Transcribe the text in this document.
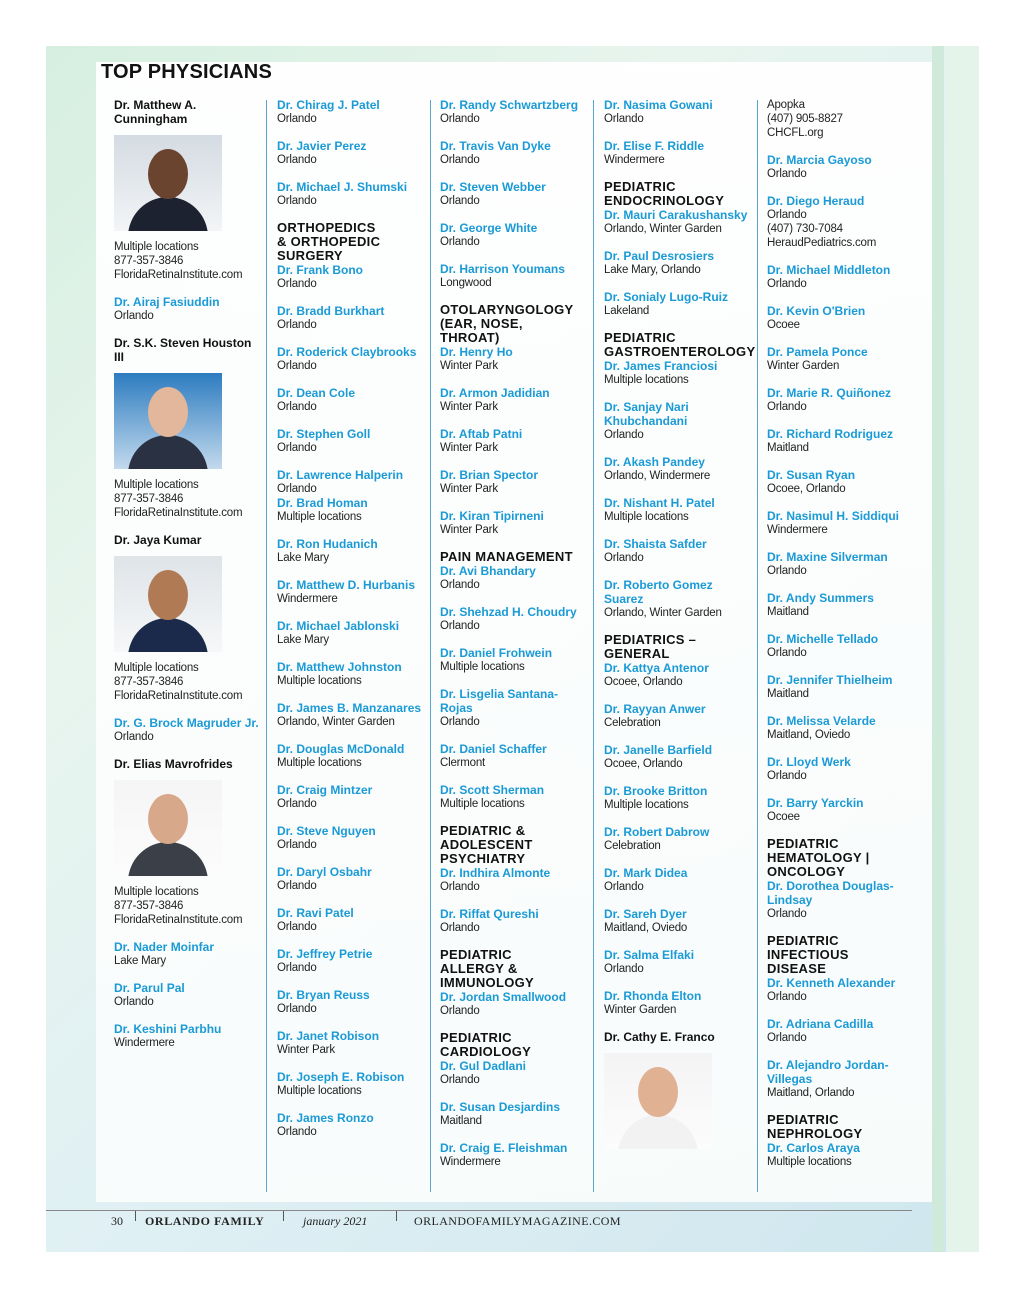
TOP PHYSICIANS
Dr. Matthew A. Cunningham
Multiple locations
877-357-3846
FloridaRetinaInstitute.com
Dr. Airaj Fasiuddin
Orlando
Dr. S.K. Steven Houston III
Multiple locations
877-357-3846
FloridaRetinaInstitute.com
Dr. Jaya Kumar
Multiple locations
877-357-3846
FloridaRetinaInstitute.com
Dr. G. Brock Magruder Jr.
Orlando
Dr. Elias Mavrofrides
Multiple locations
877-357-3846
FloridaRetinaInstitute.com
Dr. Nader Moinfar
Lake Mary
Dr. Parul Pal
Orlando
Dr. Keshini Parbhu
Windermere
Dr. Chirag J. Patel
Orlando
Dr. Javier Perez
Orlando
Dr. Michael J. Shumski
Orlando
ORTHOPEDICS
& ORTHOPEDIC
SURGERY
Dr. Frank Bono
Orlando
Dr. Bradd Burkhart
Orlando
Dr. Roderick Claybrooks
Orlando
Dr. Dean Cole
Orlando
Dr. Stephen Goll
Orlando
Dr. Lawrence Halperin
Orlando
Dr. Brad Homan
Multiple locations
Dr. Ron Hudanich
Lake Mary
Dr. Matthew D. Hurbanis
Windermere
Dr. Michael Jablonski
Lake Mary
Dr. Matthew Johnston
Multiple locations
Dr. James B. Manzanares
Orlando, Winter Garden
Dr. Douglas McDonald
Multiple locations
Dr. Craig Mintzer
Orlando
Dr. Steve Nguyen
Orlando
Dr. Daryl Osbahr
Orlando
Dr. Ravi Patel
Orlando
Dr. Jeffrey Petrie
Orlando
Dr. Bryan Reuss
Orlando
Dr. Janet Robison
Winter Park
Dr. Joseph E. Robison
Multiple locations
Dr. James Ronzo
Orlando
Dr. Randy Schwartzberg
Orlando
Dr. Travis Van Dyke
Orlando
Dr. Steven Webber
Orlando
Dr. George White
Orlando
Dr. Harrison Youmans
Longwood
OTOLARYNGOLOGY
(EAR, NOSE,
THROAT)
Dr. Henry Ho
Winter Park
Dr. Armon Jadidian
Winter Park
Dr. Aftab Patni
Winter Park
Dr. Brian Spector
Winter Park
Dr. Kiran Tipirneni
Winter Park
PAIN MANAGEMENT
Dr. Avi Bhandary
Orlando
Dr. Shehzad H. Choudry
Orlando
Dr. Daniel Frohwein
Multiple locations
Dr. Lisgelia Santana-Rojas
Orlando
Dr. Daniel Schaffer
Clermont
Dr. Scott Sherman
Multiple locations
PEDIATRIC &
ADOLESCENT
PSYCHIATRY
Dr. Indhira Almonte
Orlando
Dr. Riffat Qureshi
Orlando
PEDIATRIC
ALLERGY &
IMMUNOLOGY
Dr. Jordan Smallwood
Orlando
PEDIATRIC
CARDIOLOGY
Dr. Gul Dadlani
Orlando
Dr. Susan Desjardins
Maitland
Dr. Craig E. Fleishman
Windermere
Dr. Nasima Gowani
Orlando
Dr. Elise F. Riddle
Windermere
PEDIATRIC
ENDOCRINOLOGY
Dr. Mauri Carakushansky
Orlando, Winter Garden
Dr. Paul Desrosiers
Lake Mary, Orlando
Dr. Sonialy Lugo-Ruiz
Lakeland
PEDIATRIC
GASTROENTEROLOGY
Dr. James Franciosi
Multiple locations
Dr. Sanjay Nari Khubchandani
Orlando
Dr. Akash Pandey
Orlando, Windermere
Dr. Nishant H. Patel
Multiple locations
Dr. Shaista Safder
Orlando
Dr. Roberto Gomez Suarez
Orlando, Winter Garden
PEDIATRICS –
GENERAL
Dr. Kattya Antenor
Ocoee, Orlando
Dr. Rayyan Anwer
Celebration
Dr. Janelle Barfield
Ocoee, Orlando
Dr. Brooke Britton
Multiple locations
Dr. Robert Dabrow
Celebration
Dr. Mark Didea
Orlando
Dr. Sareh Dyer
Maitland, Oviedo
Dr. Salma Elfaki
Orlando
Dr. Rhonda Elton
Winter Garden
Dr. Cathy E. Franco
Apopka
(407) 905-8827
CHCFL.org
Dr. Marcia Gayoso
Orlando
Dr. Diego Heraud
Orlando
(407) 730-7084
HeraudPediatrics.com
Dr. Michael Middleton
Orlando
Dr. Kevin O'Brien
Ocoee
Dr. Pamela Ponce
Winter Garden
Dr. Marie R. Quiñonez
Orlando
Dr. Richard Rodriguez
Maitland
Dr. Susan Ryan
Ocoee, Orlando
Dr. Nasimul H. Siddiqui
Windermere
Dr. Maxine Silverman
Orlando
Dr. Andy Summers
Maitland
Dr. Michelle Tellado
Orlando
Dr. Jennifer Thielheim
Maitland
Dr. Melissa Velarde
Maitland, Oviedo
Dr. Lloyd Werk
Orlando
Dr. Barry Yarckin
Ocoee
PEDIATRIC
HEMATOLOGY |
ONCOLOGY
Dr. Dorothea Douglas-Lindsay
Orlando
PEDIATRIC
INFECTIOUS
DISEASE
Dr. Kenneth Alexander
Orlando
Dr. Adriana Cadilla
Orlando
Dr. Alejandro Jordan-Villegas
Maitland, Orlando
PEDIATRIC
NEPHROLOGY
Dr. Carlos Araya
Multiple locations
30 ORLANDO FAMILY	january 2021	ORLANDOFAMILYMAGAZINE.COM
